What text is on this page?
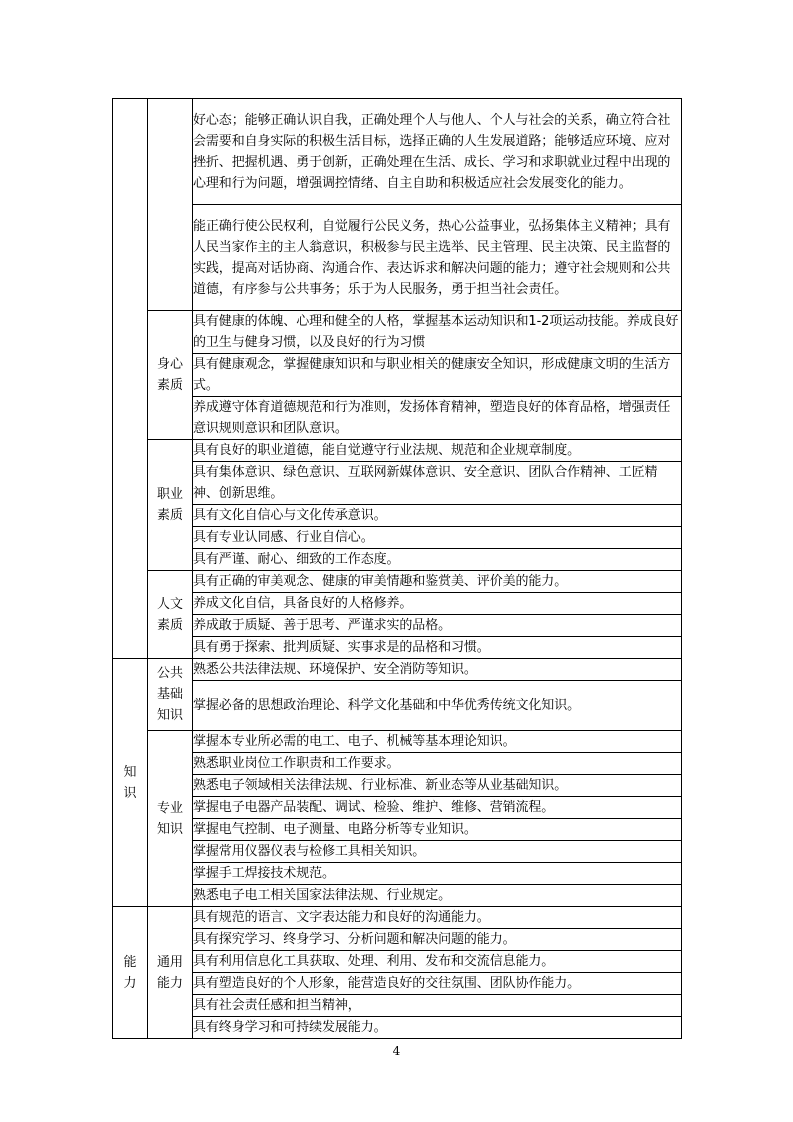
		好心态；能够正确认识自我，正确处理个人与他人、个人与社会的关系，确立符合社会需要和自身实际的积极生活目标，选择正确的人生发展道路；能够适应环境、应对挫折、把握机遇、勇于创新，正确处理在生活、成长、学习和求职就业过程中出现的心理和行为问题，增强调控情绪、自主自助和积极适应社会发展变化的能力。
		能正确行使公民权利，自觉履行公民义务，热心公益事业，弘扬集体主义精神；具有人民当家作主的主人翁意识，积极参与民主选举、民主管理、民主决策、民主监督的实践，提高对话协商、沟通合作、表达诉求和解决问题的能力；遵守社会规则和公共道德，有序参与公共事务；乐于为人民服务，勇于担当社会责任。

	身心素质	具有健康的体魄、心理和健全的人格，掌握基本运动知识和1-2项运动技能。养成良好的卫生与健身习惯，以及良好的行为习惯
		具有健康观念，掌握健康知识和与职业相关的健康安全知识，形成健康文明的生活方式。
		养成遵守体育道德规范和行为准则，发扬体育精神，塑造良好的体育品格，增强责任意识规则意识和团队意识。

	职业素质	具有良好的职业道德，能自觉遵守行业法规、规范和企业规章制度。
		具有集体意识、绿色意识、互联网新媒体意识、安全意识、团队合作精神、工匠精神、创新思维。
		具有文化自信心与文化传承意识。
		具有专业认同感、行业自信心。
		具有严谨、耐心、细致的工作态度。

	人文素质	具有正确的审美观念、健康的审美情趣和鉴赏美、评价美的能力。
		养成文化自信，具备良好的人格修养。
		养成敢于质疑、善于思考、严谨求实的品格。
		具有勇于探索、批判质疑、实事求是的品格和习惯。

知识	公共基础知识	熟悉公共法律法规、环境保护、安全消防等知识。
		掌握必备的思想政治理论、科学文化基础和中华优秀传统文化知识。

	专业知识	掌握本专业所必需的电工、电子、机械等基本理论知识。
		熟悉职业岗位工作职责和工作要求。
		熟悉电子领域相关法律法规、行业标准、新业态等从业基础知识。
		掌握电子电器产品装配、调试、检验、维护、维修、营销流程。
		掌握电气控制、电子测量、电路分析等专业知识。
		掌握常用仪器仪表与检修工具相关知识。
		掌握手工焊接技术规范。
		熟悉电子电工相关国家法律法规、行业规定。

能力	通用能力	具有规范的语言、文字表达能力和良好的沟通能力。
		具有探究学习、终身学习、分析问题和解决问题的能力。
		具有利用信息化工具获取、处理、利用、发布和交流信息能力。
		具有塑造良好的个人形象，能营造良好的交往氛围、团队协作能力。
		具有社会责任感和担当精神，
		具有终身学习和可持续发展能力。
4
